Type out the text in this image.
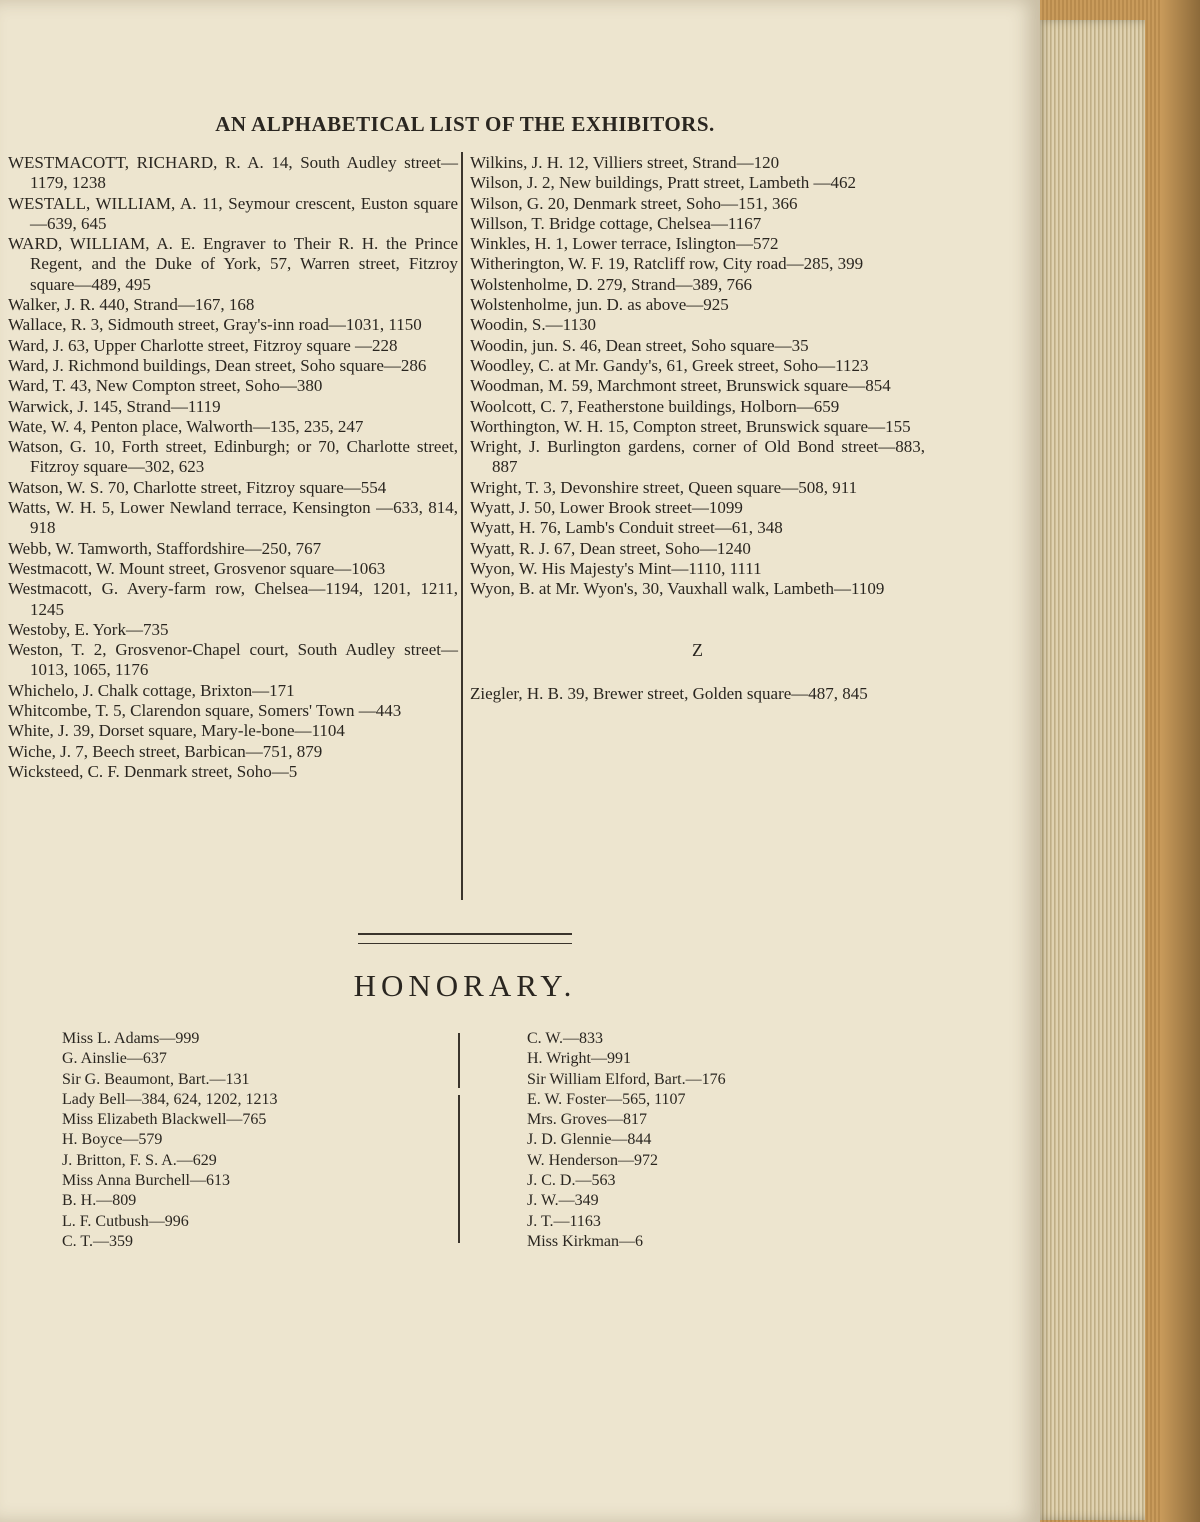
AN ALPHABETICAL LIST OF THE EXHIBITORS.
WESTMACOTT, RICHARD, R. A. 14, South Audley street—1179, 1238
WESTALL, WILLIAM, A. 11, Seymour crescent, Euston square—639, 645
WARD, WILLIAM, A. E. Engraver to Their R. H. the Prince Regent, and the Duke of York, 57, Warren street, Fitzroy square—489, 495
Walker, J. R. 440, Strand—167, 168
Wallace, R. 3, Sidmouth street, Gray's-inn road—1031, 1150
Ward, J. 63, Upper Charlotte street, Fitzroy square —228
Ward, J. Richmond buildings, Dean street, Soho square—286
Ward, T. 43, New Compton street, Soho—380
Warwick, J. 145, Strand—1119
Wate, W. 4, Penton place, Walworth—135, 235, 247
Watson, G. 10, Forth street, Edinburgh; or 70, Charlotte street, Fitzroy square—302, 623
Watson, W. S. 70, Charlotte street, Fitzroy square—554
Watts, W. H. 5, Lower Newland terrace, Kensington —633, 814, 918
Webb, W. Tamworth, Staffordshire—250, 767
Westmacott, W. Mount street, Grosvenor square—1063
Westmacott, G. Avery-farm row, Chelsea—1194, 1201, 1211, 1245
Westoby, E. York—735
Weston, T. 2, Grosvenor-Chapel court, South Audley street—1013, 1065, 1176
Whichelo, J. Chalk cottage, Brixton—171
Whitcombe, T. 5, Clarendon square, Somers' Town —443
White, J. 39, Dorset square, Mary-le-bone—1104
Wiche, J. 7, Beech street, Barbican—751, 879
Wicksteed, C. F. Denmark street, Soho—5
Wilkins, J. H. 12, Villiers street, Strand—120
Wilson, J. 2, New buildings, Pratt street, Lambeth —462
Wilson, G. 20, Denmark street, Soho—151, 366
Willson, T. Bridge cottage, Chelsea—1167
Winkles, H. 1, Lower terrace, Islington—572
Witherington, W. F. 19, Ratcliff row, City road—285, 399
Wolstenholme, D. 279, Strand—389, 766
Wolstenholme, jun. D. as above—925
Woodin, S.—1130
Woodin, jun. S. 46, Dean street, Soho square—35
Woodley, C. at Mr. Gandy's, 61, Greek street, Soho—1123
Woodman, M. 59, Marchmont street, Brunswick square—854
Woolcott, C. 7, Featherstone buildings, Holborn—659
Worthington, W. H. 15, Compton street, Brunswick square—155
Wright, J. Burlington gardens, corner of Old Bond street—883, 887
Wright, T. 3, Devonshire street, Queen square—508, 911
Wyatt, J. 50, Lower Brook street—1099
Wyatt, H. 76, Lamb's Conduit street—61, 348
Wyatt, R. J. 67, Dean street, Soho—1240
Wyon, W. His Majesty's Mint—1110, 1111
Wyon, B. at Mr. Wyon's, 30, Vauxhall walk, Lambeth—1109
Z
Ziegler, H. B. 39, Brewer street, Golden square—487, 845
HONORARY.
Miss L. Adams—999
G. Ainslie—637
Sir G. Beaumont, Bart.—131
Lady Bell—384, 624, 1202, 1213
Miss Elizabeth Blackwell—765
H. Boyce—579
J. Britton, F. S. A.—629
Miss Anna Burchell—613
B. H.—809
L. F. Cutbush—996
C. T.—359
C. W.—833
H. Wright—991
Sir William Elford, Bart.—176
E. W. Foster—565, 1107
Mrs. Groves—817
J. D. Glennie—844
W. Henderson—972
J. C. D.—563
J. W.—349
J. T.—1163
Miss Kirkman—6
